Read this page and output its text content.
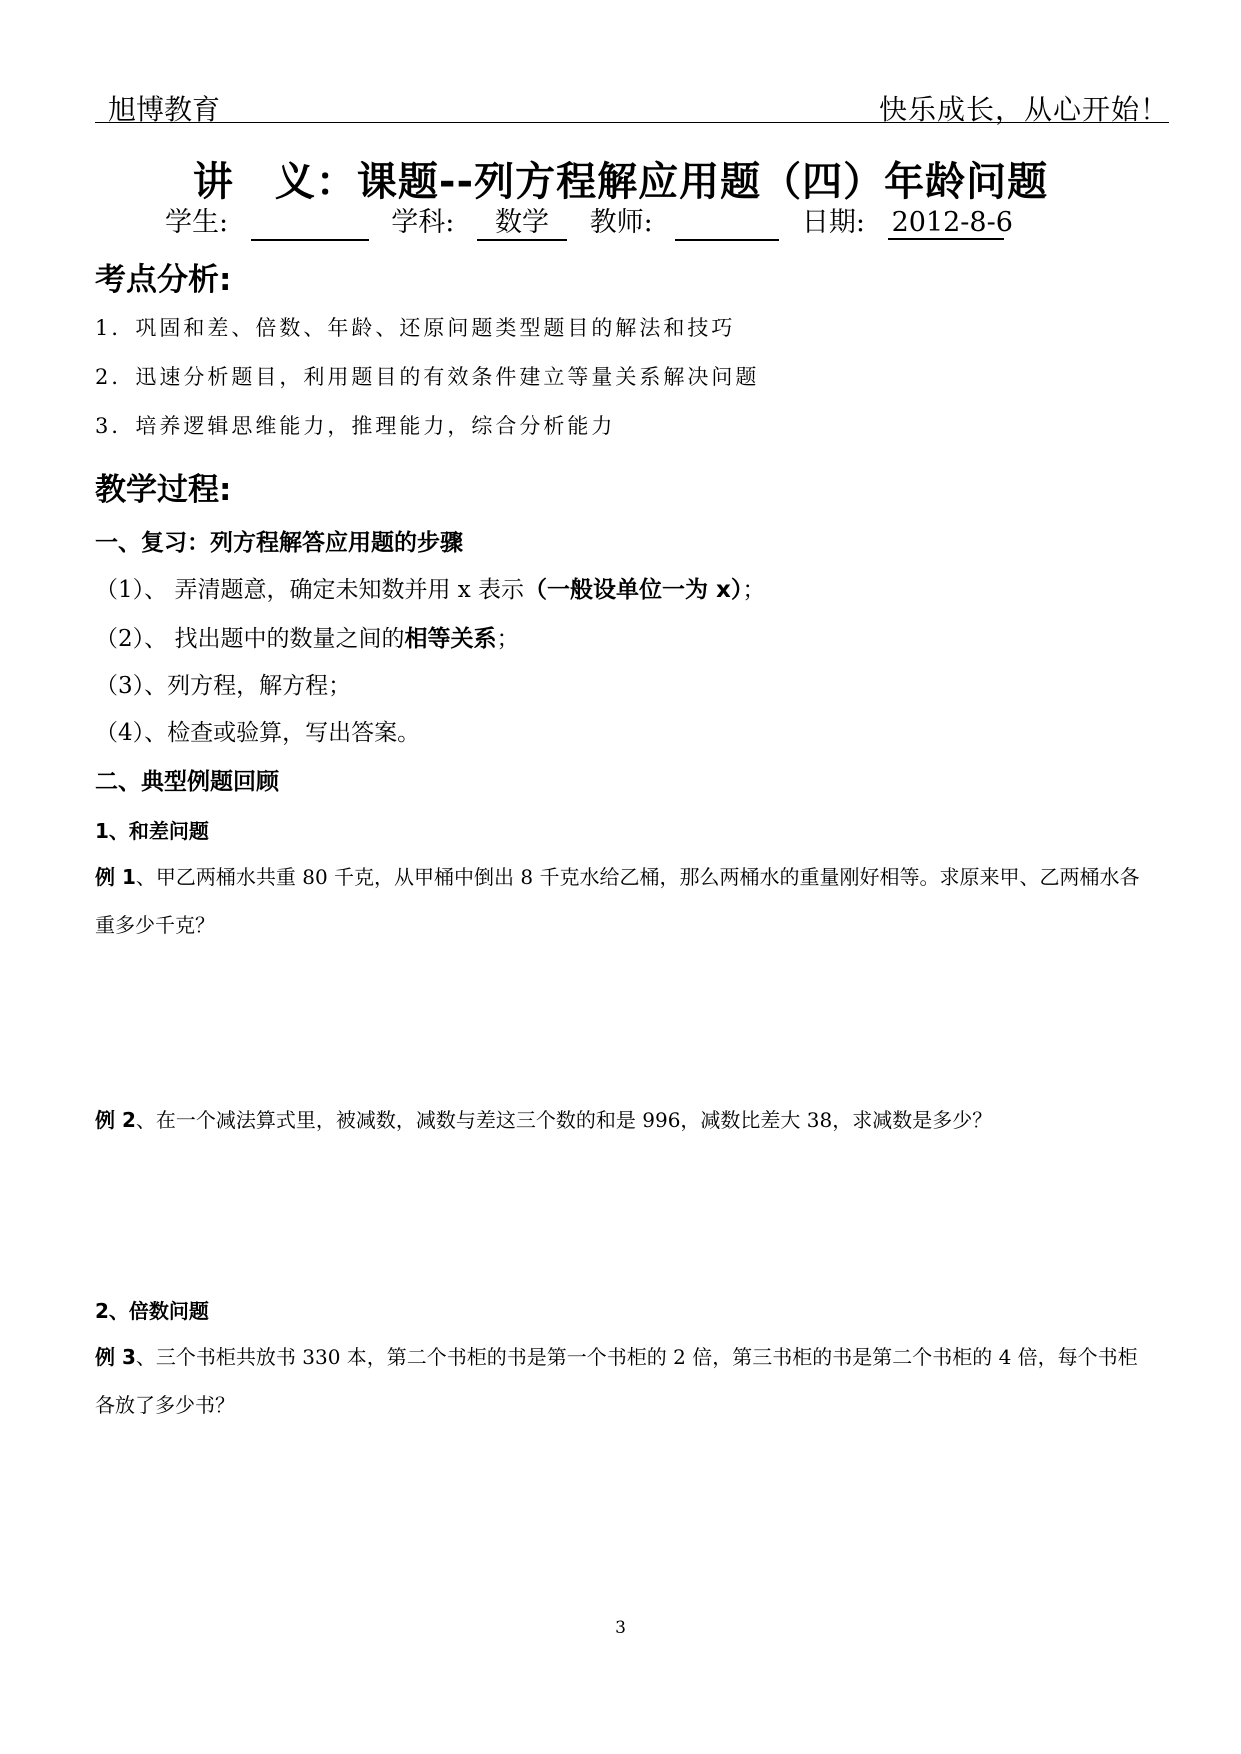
旭博教育	快乐成长，从心开始！
讲　义：课题--列方程解应用题（四）年龄问题
学生:	学科: 数学 教师:	日期: 2012-8-6
考点分析:
1．巩固和差、倍数、年龄、还原问题类型题目的解法和技巧
2．迅速分析题目，利用题目的有效条件建立等量关系解决问题
3．培养逻辑思维能力，推理能力，综合分析能力
教学过程:
一、复习：列方程解答应用题的步骤
（1）、 弄清题意，确定未知数并用 x 表示（一般设单位一为 x）；
（2）、 找出题中的数量之间的相等关系；
（3）、列方程，解方程；
（4）、检查或验算，写出答案。
二、典型例题回顾
1、和差问题
例 1、甲乙两桶水共重 80 千克，从甲桶中倒出 8 千克水给乙桶，那么两桶水的重量刚好相等。求原来甲、乙两桶水各重多少千克？
例 2、在一个减法算式里，被减数，减数与差这三个数的和是 996，减数比差大 38，求减数是多少？
2、倍数问题
例 3、三个书柜共放书 330 本，第二个书柜的书是第一个书柜的 2 倍，第三书柜的书是第二个书柜的 4 倍，每个书柜各放了多少书？
3
